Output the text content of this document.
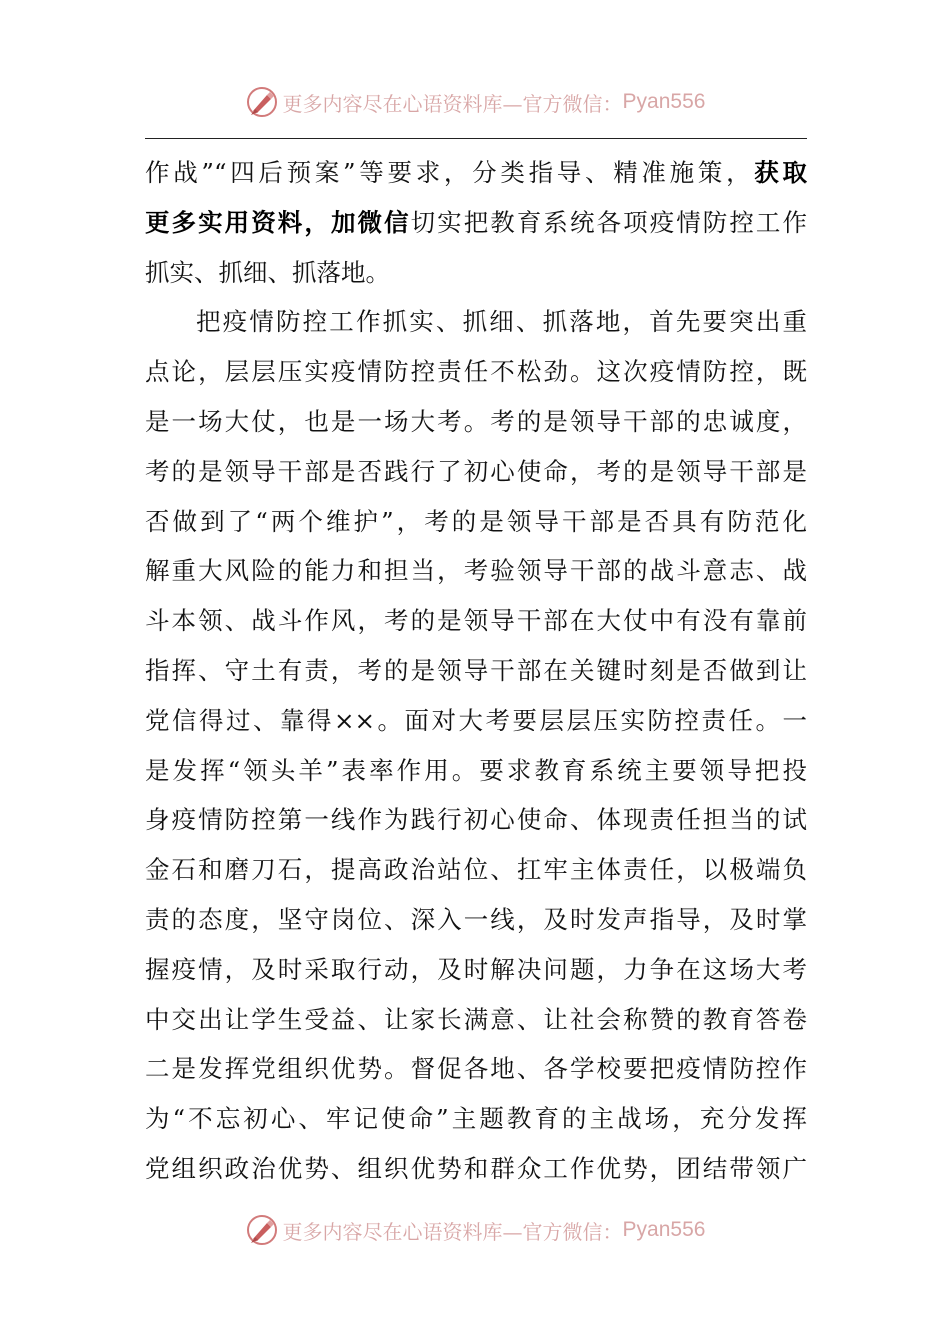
更多内容尽在心语资料库—官方微信： Pyan556
作战”“四后预案”等要求，分类指导、精准施策，获取
更多实用资料，加微信切实把教育系统各项疫情防控工作
抓实、抓细、抓落地。
把疫情防控工作抓实、抓细、抓落地，首先要突出重
点论，层层压实疫情防控责任不松劲。这次疫情防控，既
是一场大仗，也是一场大考。考的是领导干部的忠诚度，
考的是领导干部是否践行了初心使命，考的是领导干部是
否做到了“两个维护”，考的是领导干部是否具有防范化
解重大风险的能力和担当，考验领导干部的战斗意志、战
斗本领、战斗作风，考的是领导干部在大仗中有没有靠前
指挥、守土有责，考的是领导干部在关键时刻是否做到让
党信得过、靠得××。面对大考要层层压实防控责任。一
是发挥“领头羊”表率作用。要求教育系统主要领导把投
身疫情防控第一线作为践行初心使命、体现责任担当的试
金石和磨刀石，提高政治站位、扛牢主体责任，以极端负
责的态度，坚守岗位、深入一线，及时发声指导，及时掌
握疫情，及时采取行动，及时解决问题，力争在这场大考
中交出让学生受益、让家长满意、让社会称赞的教育答卷
二是发挥党组织优势。督促各地、各学校要把疫情防控作
为“不忘初心、牢记使命”主题教育的主战场，充分发挥
党组织政治优势、组织优势和群众工作优势，团结带领广
更多内容尽在心语资料库—官方微信： Pyan556
